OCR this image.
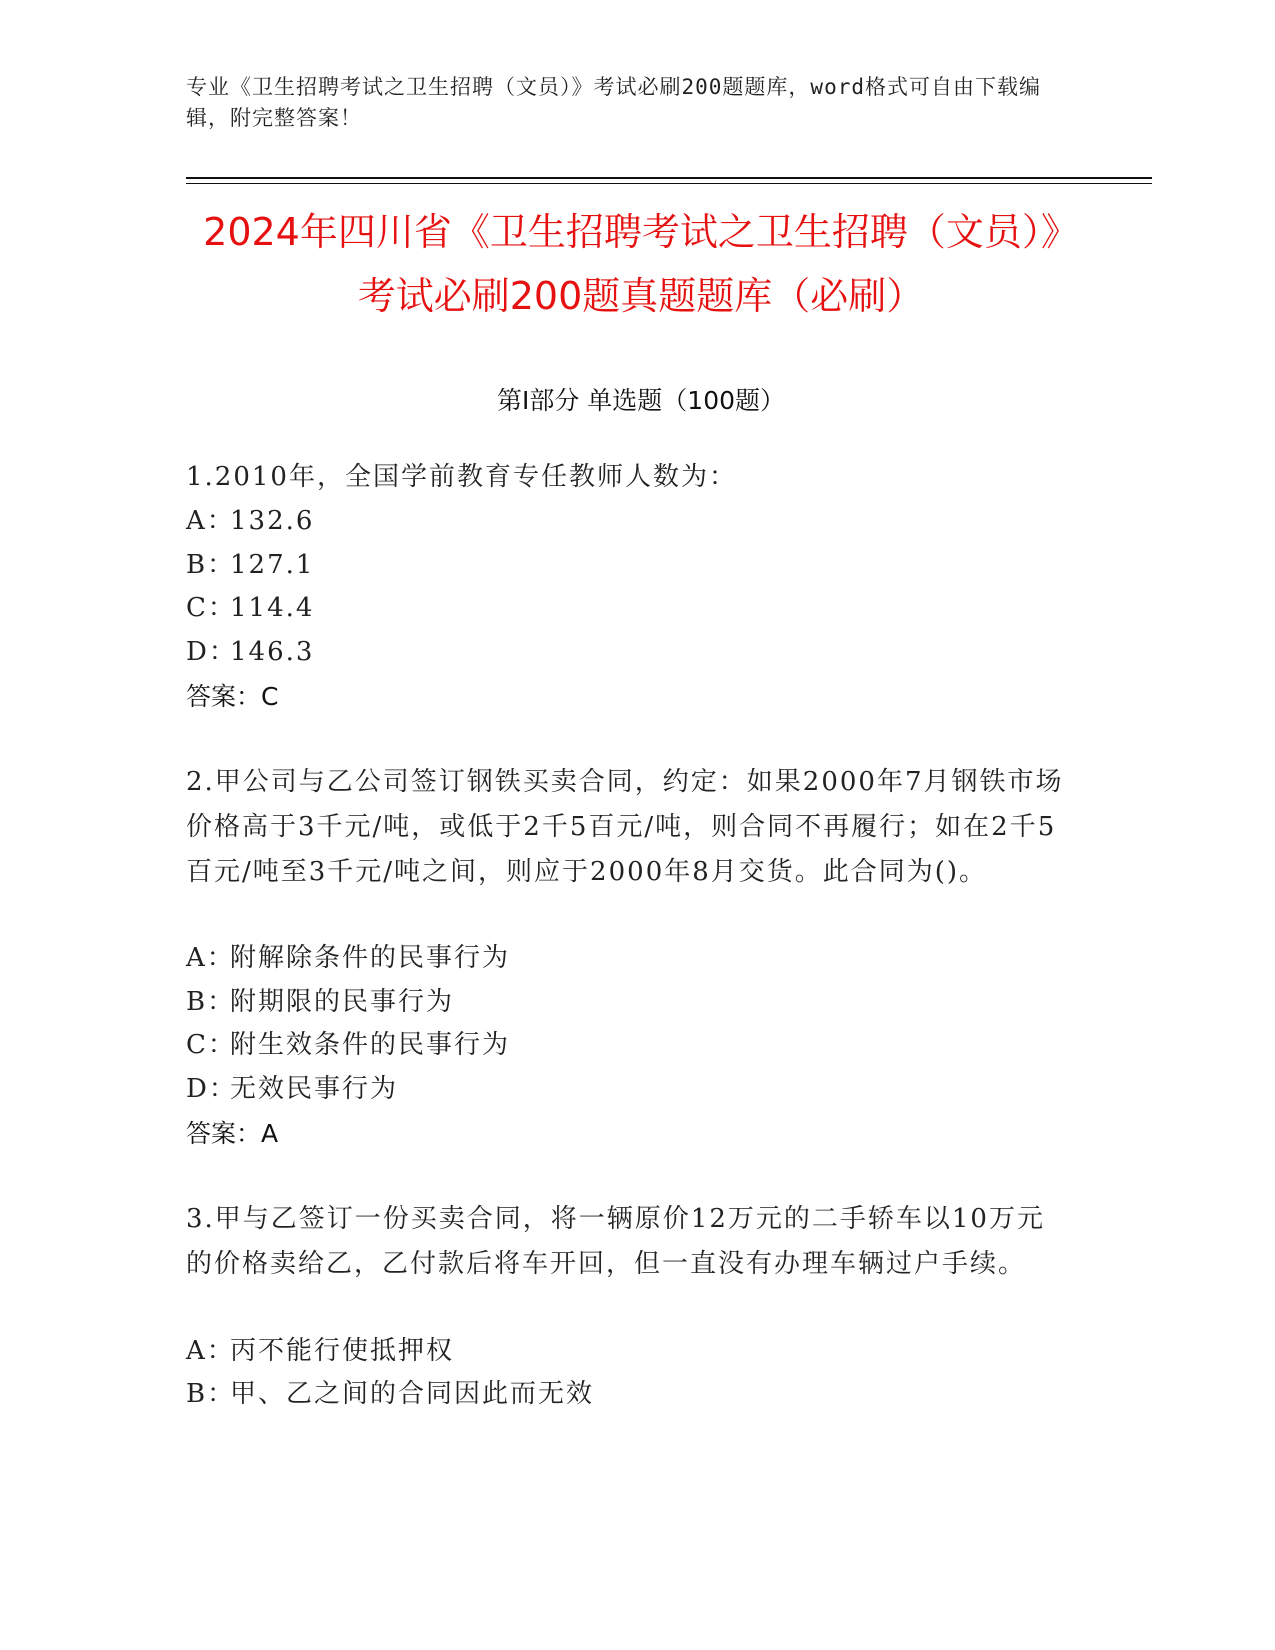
专业《卫生招聘考试之卫生招聘（文员）》考试必刷200题题库，word格式可自由下载编辑，附完整答案！
2024年四川省《卫生招聘考试之卫生招聘（文员）》考试必刷200题真题题库（必刷）
第Ⅰ部分 单选题（100题）
1.2010年，全国学前教育专任教师人数为：
A：132.6
B：127.1
C：114.4
D：146.3
答案：C
2.甲公司与乙公司签订钢铁买卖合同，约定：如果2000年7月钢铁市场价格高于3千元/吨，或低于2千5百元/吨，则合同不再履行；如在2千5百元/吨至3千元/吨之间，则应于2000年8月交货。此合同为()。
A：附解除条件的民事行为
B：附期限的民事行为
C：附生效条件的民事行为
D：无效民事行为
答案：A
3.甲与乙签订一份买卖合同，将一辆原价12万元的二手轿车以10万元的价格卖给乙，乙付款后将车开回，但一直没有办理车辆过户手续。
A：丙不能行使抵押权
B：甲、乙之间的合同因此而无效
